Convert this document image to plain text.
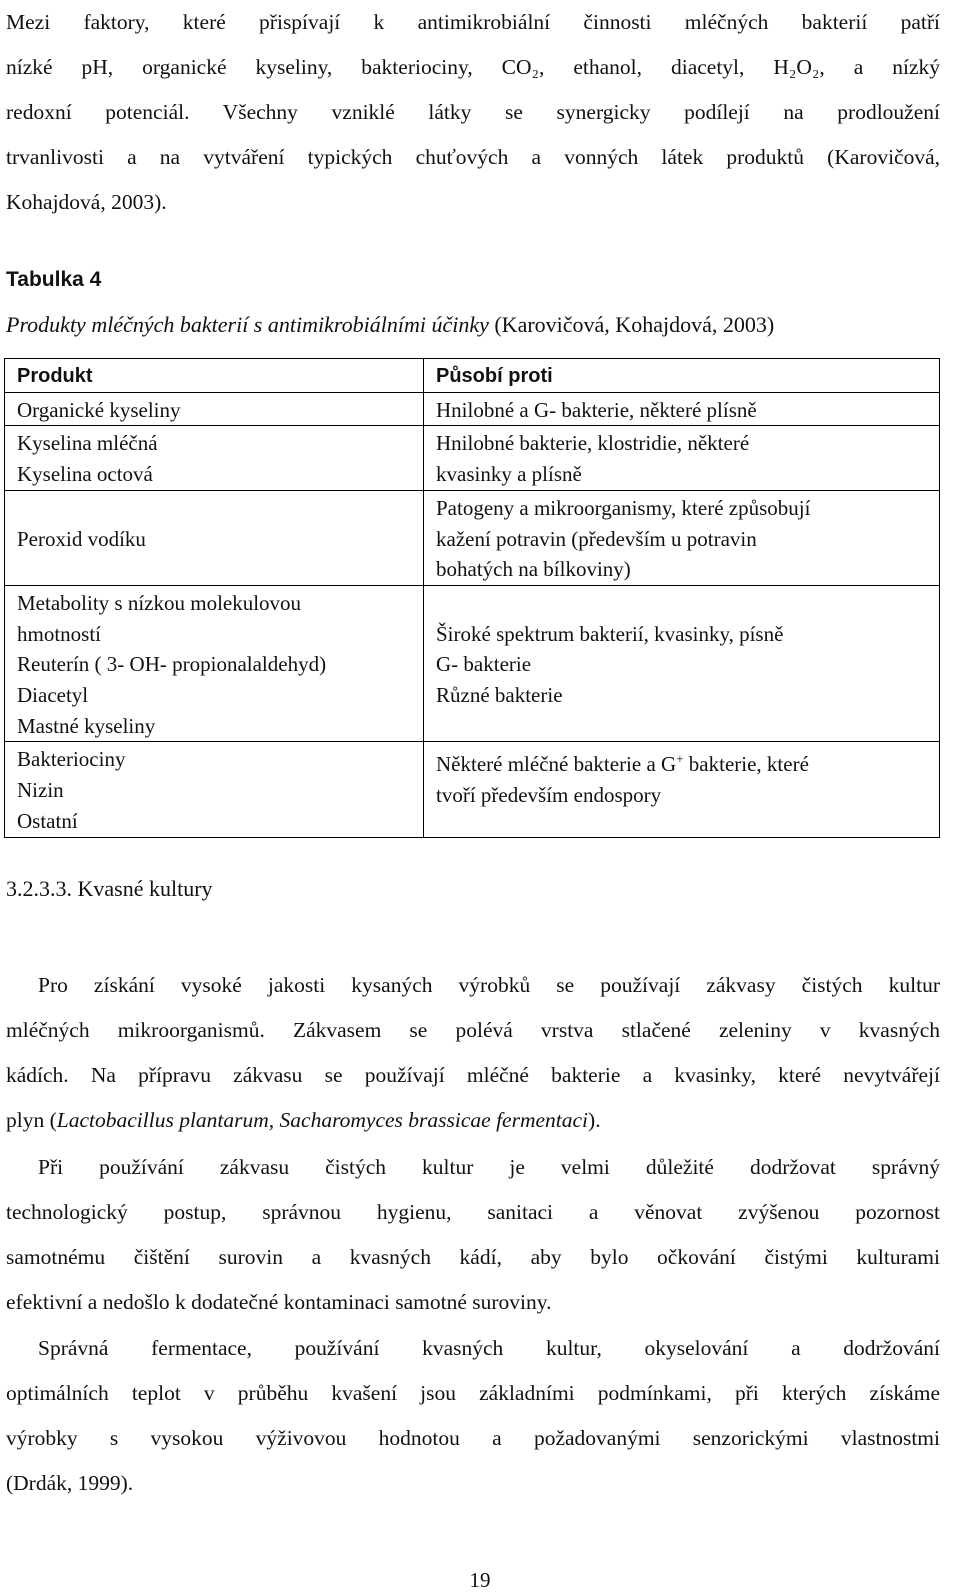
Mezi faktory, které přispívají k antimikrobiální činnosti mléčných bakterií patří
nízké pH, organické kyseliny, bakteriociny, CO₂, ethanol, diacetyl, H₂O₂, a nízký
redoxní potenciál. Všechny vzniklé látky se synergicky podílejí na prodloužení
trvanlivosti a na vytváření typických chuťových a vonných látek produktů (Karovičová,
Kohajdová, 2003).

Tabulka 4

Produkty mléčných bakterií s antimikrobiálními účinky (Karovičová, Kohajdová, 2003)

Produkt	Působí proti

Organické kyseliny	Hnilobné a G- bakterie, některé plísně

Kyselina mléčná
Kyselina octová	Hnilobné bakterie, klostridie, některé
kvasinky a plísně

Peroxid vodíku	Patogeny a mikroorganismy, které způsobují
kažení potravin (především u potravin
bohatých na bílkoviny)

Metabolity s nízkou molekulovou
hmotností
Reuterín ( 3- OH- propionalaldehyd)
Diacetyl
Mastné kyseliny	Široké spektrum bakterií, kvasinky, písně
G- bakterie
Různé bakterie

Bakteriociny
Nizin
Ostatní	Některé mléčné bakterie a G+ bakterie, které
tvoří především endospory

3.2.3.3. Kvasné kultury

Pro získání vysoké jakosti kysaných výrobků se používají zákvasy čistých kultur
mléčných mikroorganismů. Zákvasem se polévá vrstva stlačené zeleniny v kvasných
kádích. Na přípravu zákvasu se používají mléčné bakterie a kvasinky, které nevytvářejí
plyn (Lactobacillus plantarum, Sacharomyces brassicae fermentaci).

Při používání zákvasu čistých kultur je velmi důležité dodržovat správný
technologický postup, správnou hygienu, sanitaci a věnovat zvýšenou pozornost
samotnému čištění surovin a kvasných kádí, aby bylo očkování čistými kulturami
efektivní a nedošlo k dodatečné kontaminaci samotné suroviny.

Správná fermentace, používání kvasných kultur, okyselování a dodržování
optimálních teplot v průběhu kvašení jsou základními podmínkami, při kterých získáme
výrobky s vysokou výživovou hodnotou a požadovanými senzorickými vlastnostmi
(Drdák, 1999).

19
